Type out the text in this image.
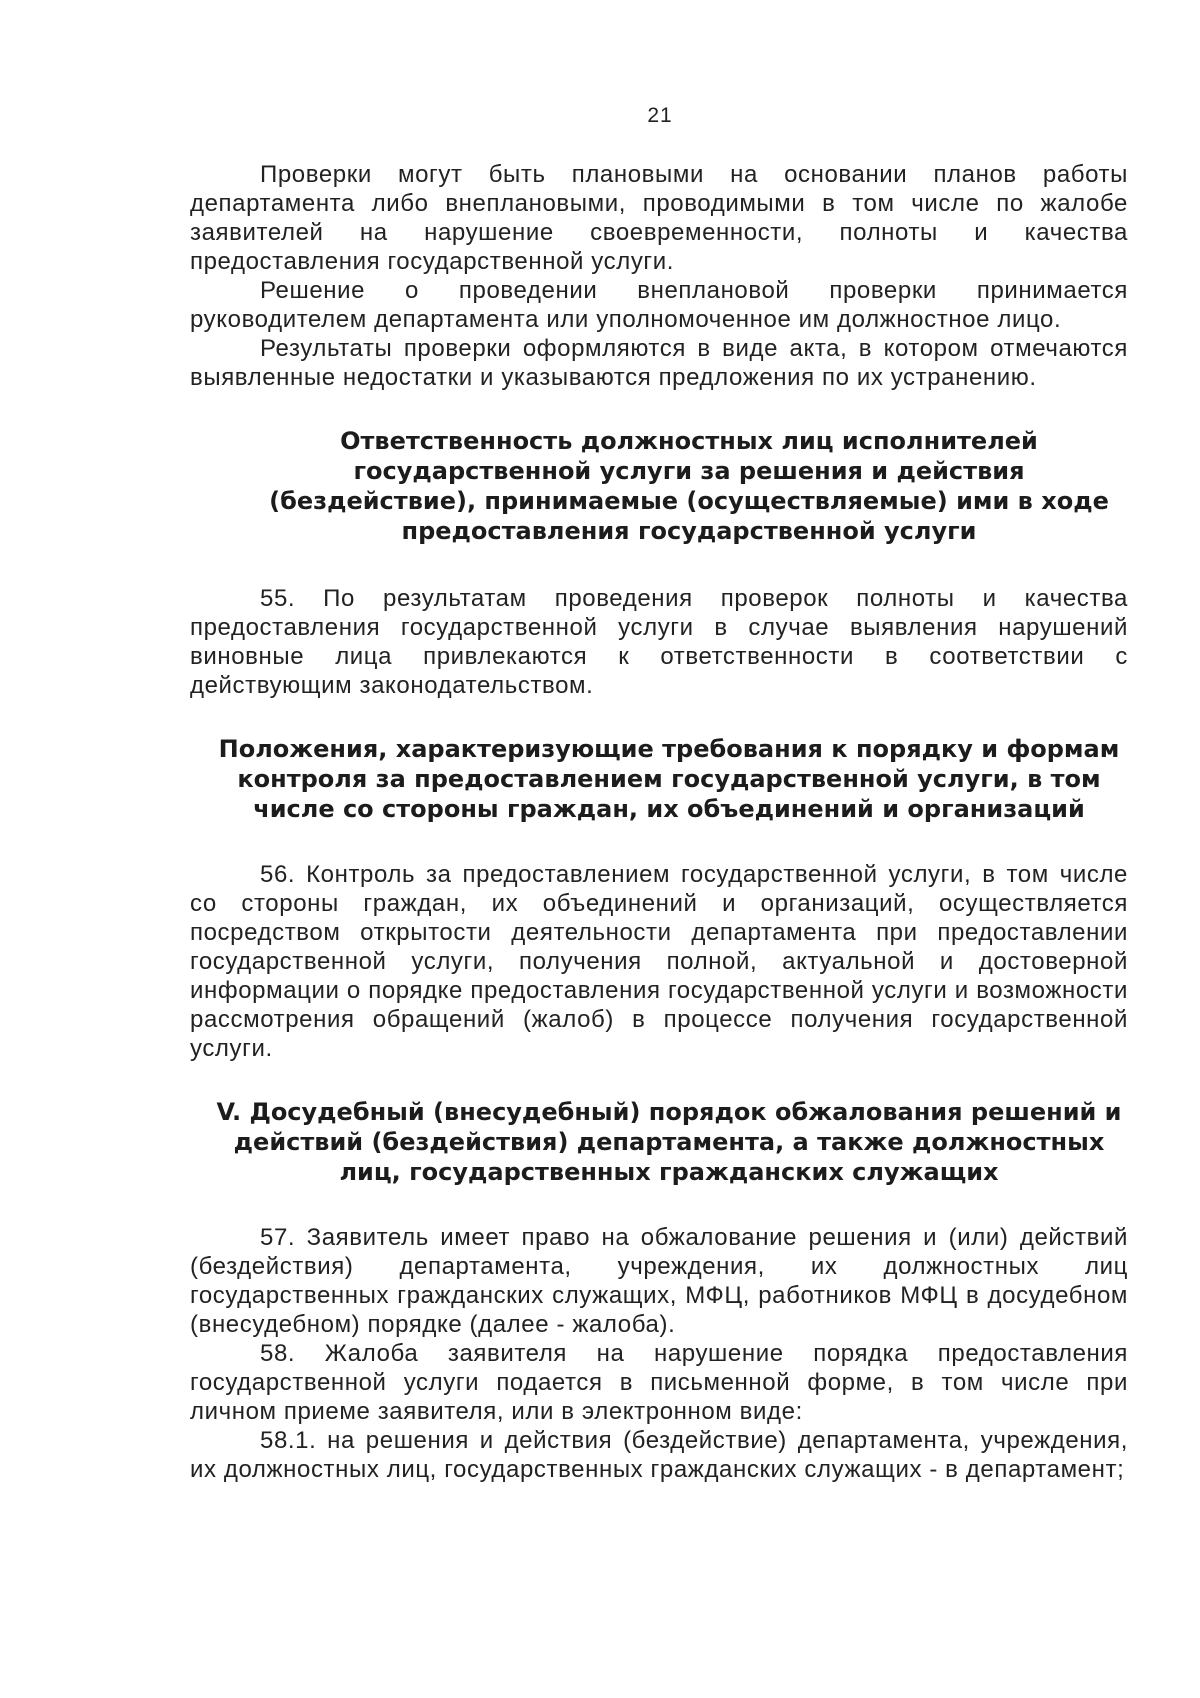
21

Проверки могут быть плановыми на основании планов работы департамента либо внеплановыми, проводимыми в том числе по жалобе заявителей на нарушение своевременности, полноты и качества предоставления государственной услуги.

Решение о проведении внеплановой проверки принимается руководителем департамента или уполномоченное им должностное лицо.

Результаты проверки оформляются в виде акта, в котором отмечаются выявленные недостатки и указываются предложения по их устранению.

Ответственность должностных лиц исполнителей государственной услуги за решения и действия (бездействие), принимаемые (осуществляемые) ими в ходе предоставления государственной услуги

55. По результатам проведения проверок полноты и качества предоставления государственной услуги в случае выявления нарушений виновные лица привлекаются к ответственности в соответствии с действующим законодательством.

Положения, характеризующие требования к порядку и формам контроля за предоставлением государственной услуги, в том числе со стороны граждан, их объединений и организаций

56. Контроль за предоставлением государственной услуги, в том числе со стороны граждан, их объединений и организаций, осуществляется посредством открытости деятельности департамента при предоставлении государственной услуги, получения полной, актуальной и достоверной информации о порядке предоставления государственной услуги и возможности рассмотрения обращений (жалоб) в процессе получения государственной услуги.

V. Досудебный (внесудебный) порядок обжалования решений и действий (бездействия) департамента, а также должностных лиц, государственных гражданских служащих

57. Заявитель имеет право на обжалование решения и (или) действий (бездействия) департамента, учреждения, их должностных лиц государственных гражданских служащих, МФЦ, работников МФЦ в досудебном (внесудебном) порядке (далее - жалоба).

58. Жалоба заявителя на нарушение порядка предоставления государственной услуги подается в письменной форме, в том числе при личном приеме заявителя, или в электронном виде:

58.1. на решения и действия (бездействие) департамента, учреждения, их должностных лиц, государственных гражданских служащих - в департамент;
